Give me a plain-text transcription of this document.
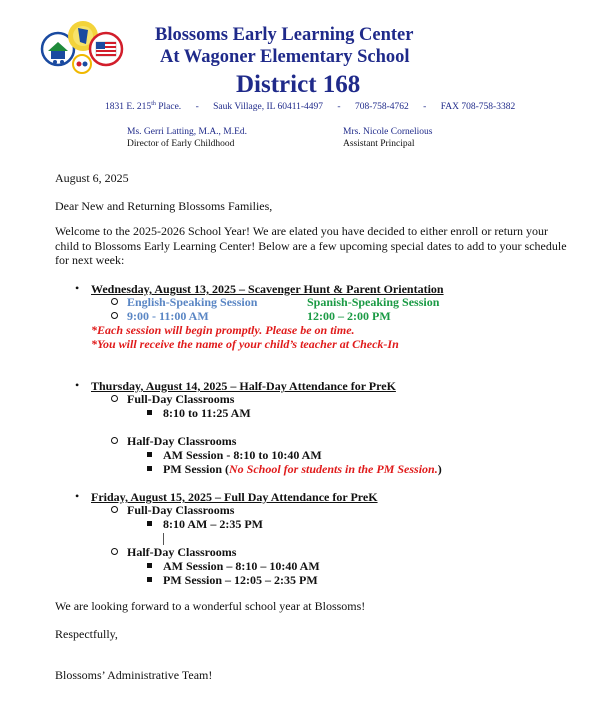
Blossoms Early Learning Center
At Wagoner Elementary School
District 168
1831 E. 215th Place. - Sauk Village, IL 60411-4497 - 708-758-4762 - FAX 708-758-3382
Ms. Gerri Latting, M.A., M.Ed.
Director of Early Childhood
Mrs. Nicole Cornelious
Assistant Principal
August 6, 2025
Dear New and Returning Blossoms Families,
Welcome to the 2025-2026 School Year! We are elated you have decided to either enroll or return your
child to Blossoms Early Learning Center! Below are a few upcoming special dates to add to your schedule
for next week:
• Wednesday, August 13, 2025 – Scavenger Hunt & Parent Orientation
English-Speaking Session	Spanish-Speaking Session
9:00 - 11:00 AM	12:00 – 2:00 PM
*Each session will begin promptly. Please be on time.
*You will receive the name of your child’s teacher at Check-In
• Thursday, August 14, 2025 – Half-Day Attendance for PreK
Full-Day Classrooms
8:10 to 11:25 AM
Half-Day Classrooms
AM Session - 8:10 to 10:40 AM
PM Session (No School for students in the PM Session.)
• Friday, August 15, 2025 – Full Day Attendance for PreK
Full-Day Classrooms
8:10 AM – 2:35 PM
Half-Day Classrooms
AM Session – 8:10 – 10:40 AM
PM Session – 12:05 – 2:35 PM
We are looking forward to a wonderful school year at Blossoms!
Respectfully,
Blossoms’ Administrative Team!
